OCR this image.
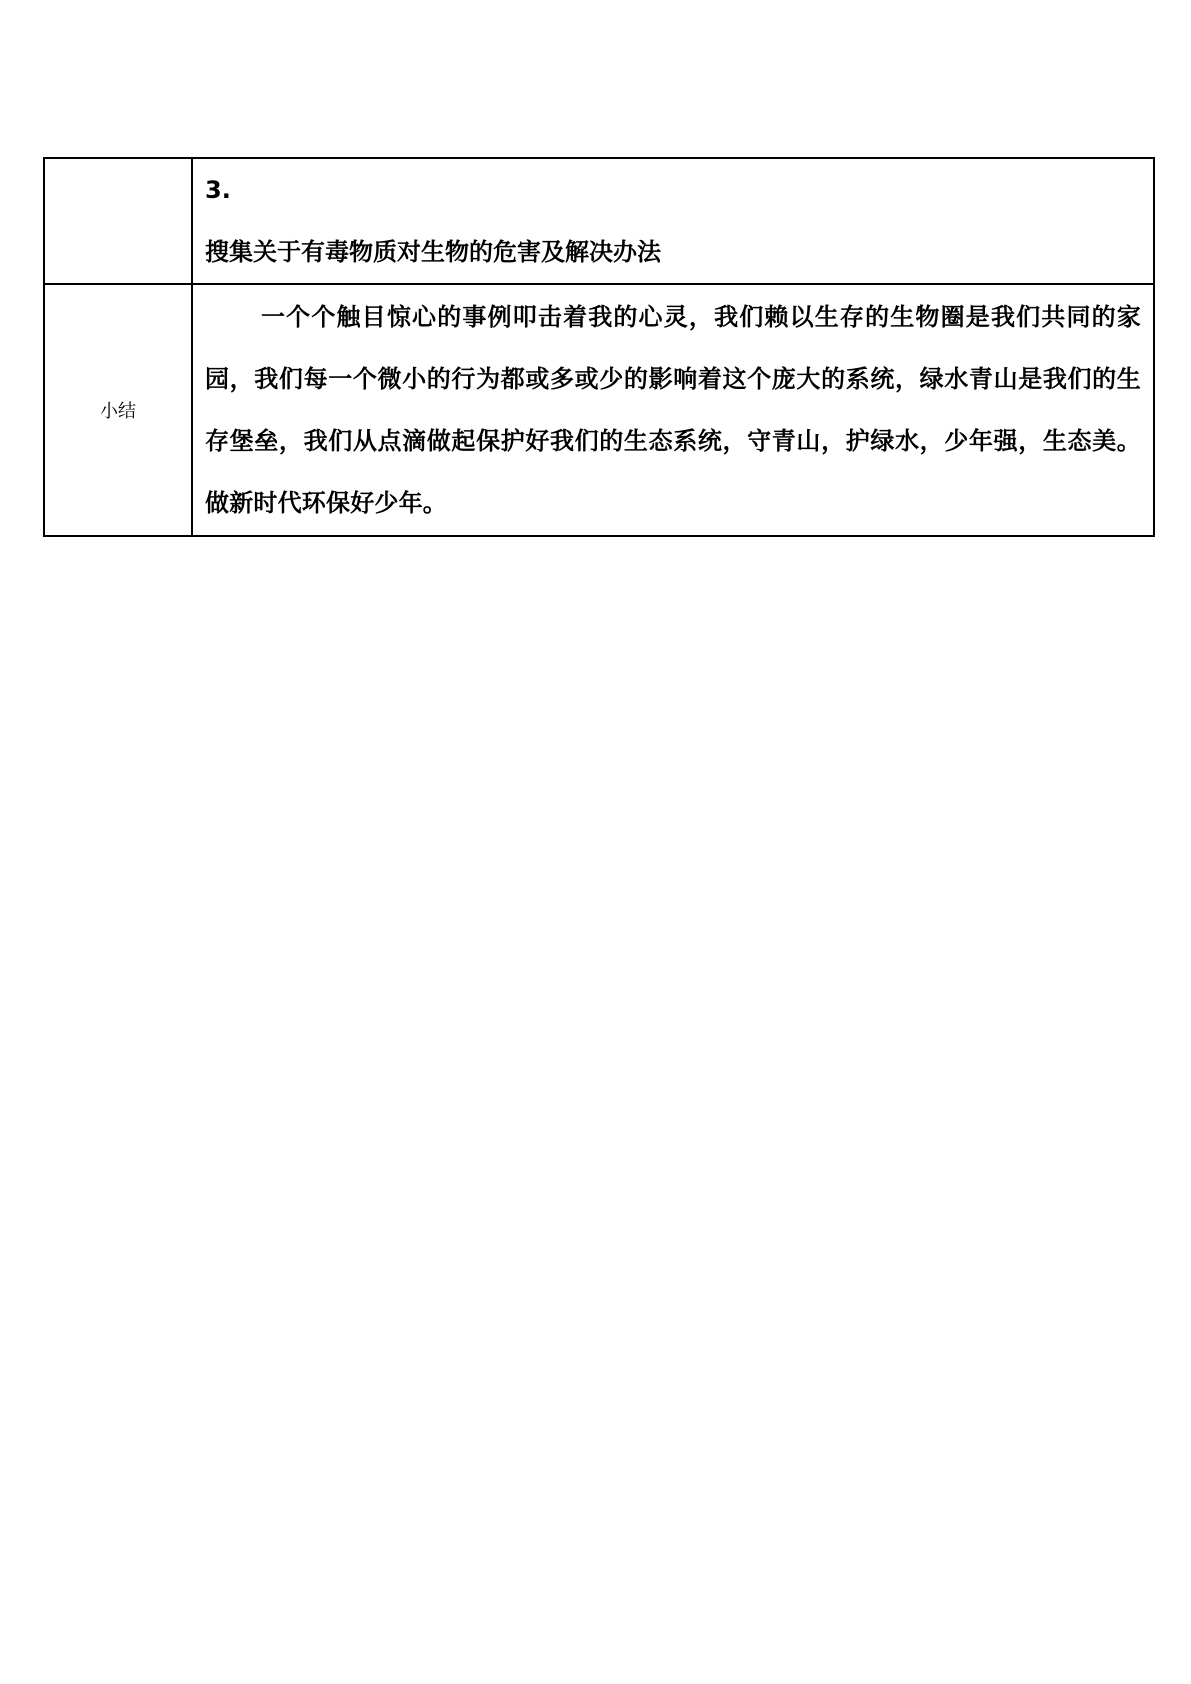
	3.

搜集关于有毒物质对生物的危害及解决办法

小结	一个个触目惊心的事例叩击着我的心灵，我们赖以生存的生物圈是我们共同的家园，我们每一个微小的行为都或多或少的影响着这个庞大的系统，绿水青山是我们的生存堡垒，我们从点滴做起保护好我们的生态系统，守青山，护绿水，少年强，生态美。做新时代环保好少年。
